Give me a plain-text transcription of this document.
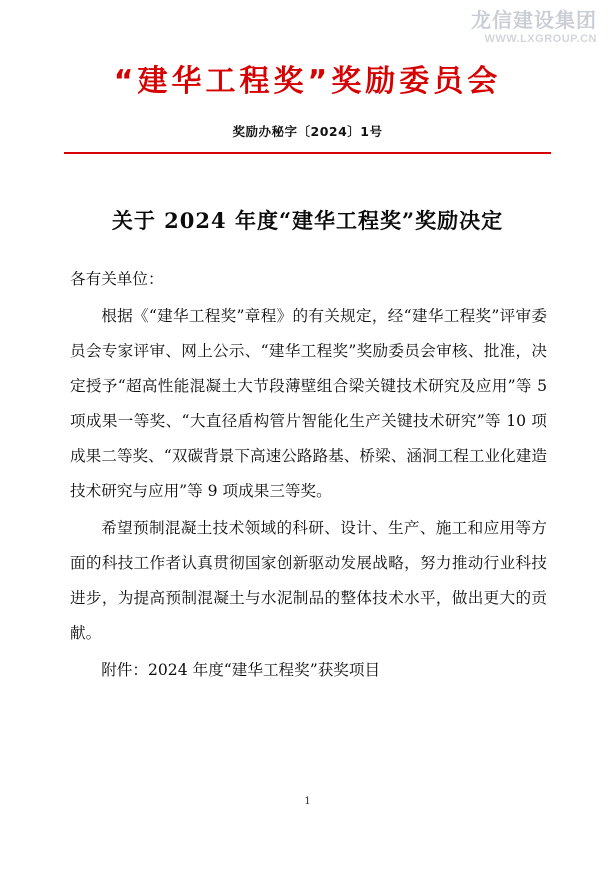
龙信建设集团
WWW.LXGROUP.CN
“建华工程奖”奖励委员会
奖励办秘字〔2024〕1号
关于 2024 年度“建华工程奖”奖励决定

各有关单位：

根据《“建华工程奖”章程》的有关规定，经“建华工程奖”评审委员会专家评审、网上公示、“建华工程奖”奖励委员会审核、批准，决定授予“超高性能混凝土大节段薄壁组合梁关键技术研究及应用”等 5 项成果一等奖、“大直径盾构管片智能化生产关键技术研究”等 10 项成果二等奖、“双碳背景下高速公路路基、桥梁、涵洞工程工业化建造技术研究与应用”等 9 项成果三等奖。

希望预制混凝土技术领域的科研、设计、生产、施工和应用等方面的科技工作者认真贯彻国家创新驱动发展战略，努力推动行业科技进步，为提高预制混凝土与水泥制品的整体技术水平，做出更大的贡献。

附件：2024 年度“建华工程奖”获奖项目

1
